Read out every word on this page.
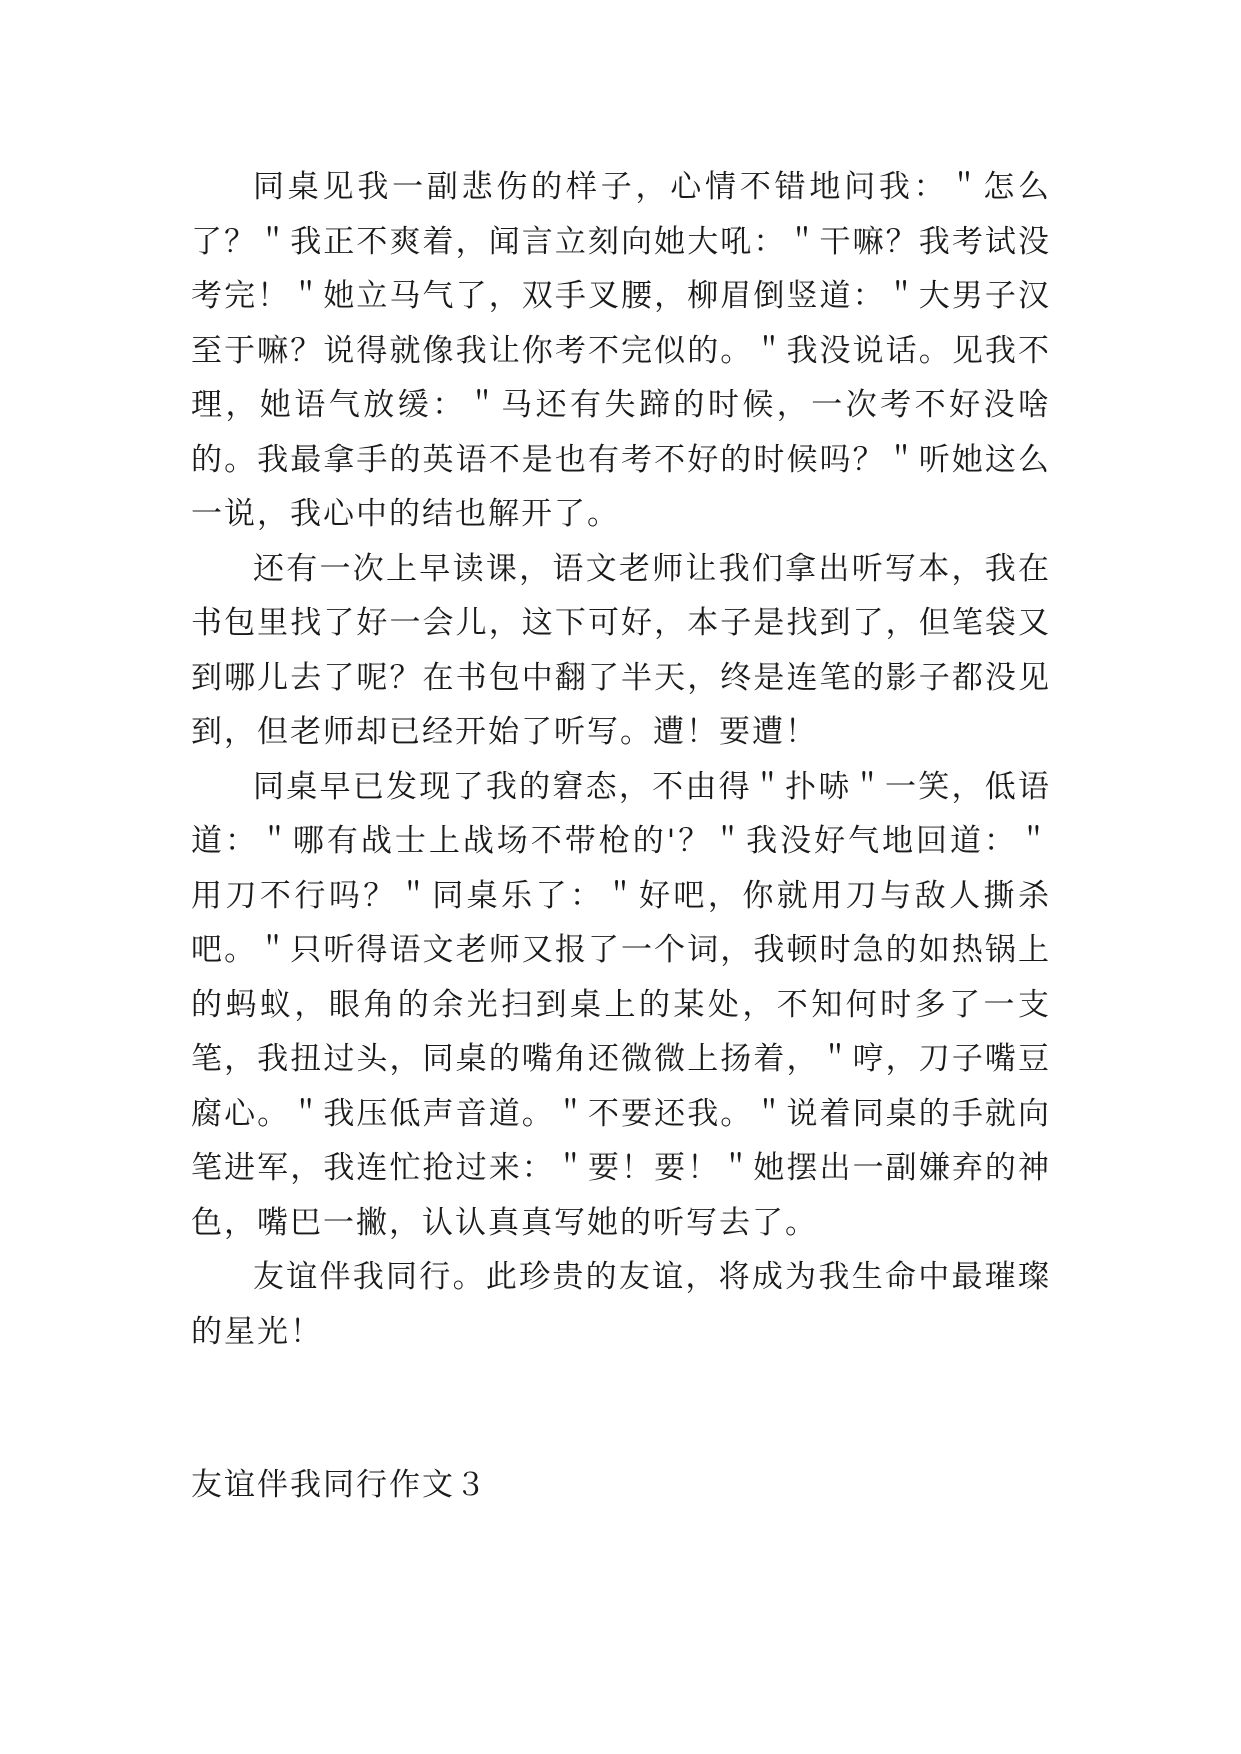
同桌见我一副悲伤的样子，心情不错地问我：＂怎么了？＂我正不爽着，闻言立刻向她大吼：＂干嘛？我考试没考完！＂她立马气了，双手叉腰，柳眉倒竖道：＂大男子汉至于嘛？说得就像我让你考不完似的。＂我没说话。见我不理，她语气放缓：＂马还有失蹄的时候，一次考不好没啥的。我最拿手的英语不是也有考不好的时候吗？＂听她这么一说，我心中的结也解开了。

还有一次上早读课，语文老师让我们拿出听写本，我在书包里找了好一会儿，这下可好，本子是找到了，但笔袋又到哪儿去了呢？在书包中翻了半天，终是连笔的影子都没见到，但老师却已经开始了听写。遭！要遭！

同桌早已发现了我的窘态，不由得＂扑哧＂一笑，低语道：＂哪有战士上战场不带枪的'？＂我没好气地回道：＂用刀不行吗？＂同桌乐了：＂好吧，你就用刀与敌人撕杀吧。＂只听得语文老师又报了一个词，我顿时急的如热锅上的蚂蚁，眼角的余光扫到桌上的某处，不知何时多了一支笔，我扭过头，同桌的嘴角还微微上扬着，＂哼，刀子嘴豆腐心。＂我压低声音道。＂不要还我。＂说着同桌的手就向笔进军，我连忙抢过来：＂要！要！＂她摆出一副嫌弃的神色，嘴巴一撇，认认真真写她的听写去了。

友谊伴我同行。此珍贵的友谊，将成为我生命中最璀璨的星光！

友谊伴我同行作文３
